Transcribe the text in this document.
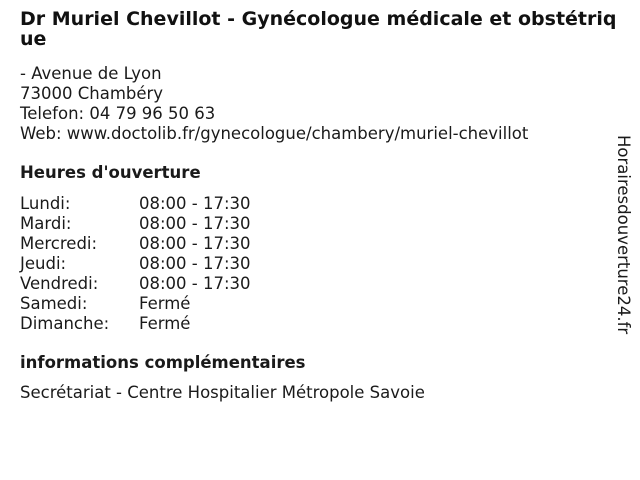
Dr Muriel Chevillot - Gynécologue médicale et obstétrique
- Avenue de Lyon
73000 Chambéry
Telefon: 04 79 96 50 63
Web: www.doctolib.fr/gynecologue/chambery/muriel-chevillot
Heures d'ouverture
Lundi:	08:00 - 17:30
Mardi:	08:00 - 17:30
Mercredi:	08:00 - 17:30
Jeudi:	08:00 - 17:30
Vendredi: 08:00 - 17:30
Samedi:	Fermé
Dimanche: Fermé
informations complémentaires
Secrétariat - Centre Hospitalier Métropole Savoie
Horairesdouverture24.fr
